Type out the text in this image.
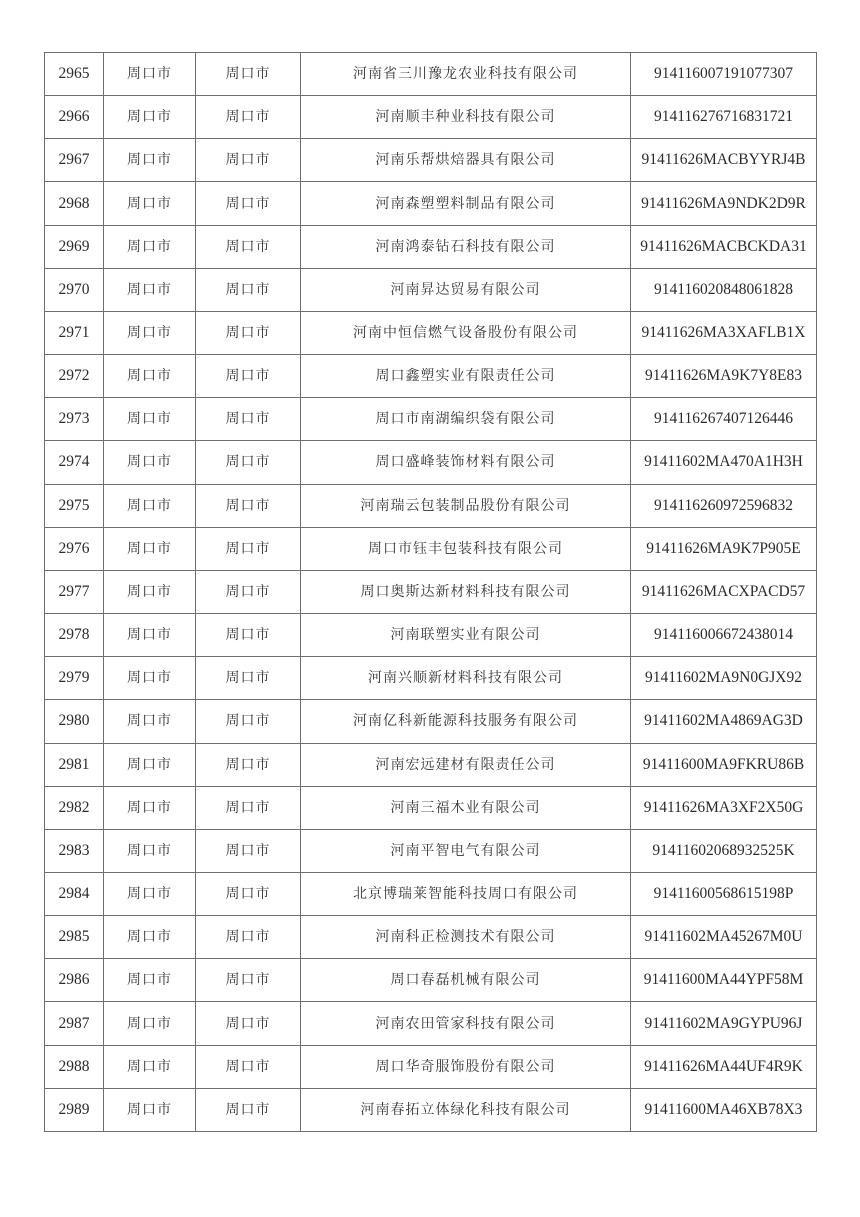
2965	周口市	周口市	河南省三川豫龙农业科技有限公司	914116007191077307
2966	周口市	周口市	河南顺丰种业科技有限公司	914116276716831721
2967	周口市	周口市	河南乐帮烘焙器具有限公司	91411626MACBYYRJ4B
2968	周口市	周口市	河南森塑塑料制品有限公司	91411626MA9NDK2D9R
2969	周口市	周口市	河南鸿泰钻石科技有限公司	91411626MACBCKDA31
2970	周口市	周口市	河南昇达贸易有限公司	914116020848061828
2971	周口市	周口市	河南中恒信燃气设备股份有限公司	91411626MA3XAFLB1X
2972	周口市	周口市	周口鑫塑实业有限责任公司	91411626MA9K7Y8E83
2973	周口市	周口市	周口市南湖编织袋有限公司	914116267407126446
2974	周口市	周口市	周口盛峰装饰材料有限公司	91411602MA470A1H3H
2975	周口市	周口市	河南瑞云包装制品股份有限公司	914116260972596832
2976	周口市	周口市	周口市钰丰包装科技有限公司	91411626MA9K7P905E
2977	周口市	周口市	周口奥斯达新材料科技有限公司	91411626MACXPACD57
2978	周口市	周口市	河南联塑实业有限公司	914116006672438014
2979	周口市	周口市	河南兴顺新材料科技有限公司	91411602MA9N0GJX92
2980	周口市	周口市	河南亿科新能源科技服务有限公司	91411602MA4869AG3D
2981	周口市	周口市	河南宏远建材有限责任公司	91411600MA9FKRU86B
2982	周口市	周口市	河南三福木业有限公司	91411626MA3XF2X50G
2983	周口市	周口市	河南平智电气有限公司	91411602068932525K
2984	周口市	周口市	北京博瑞莱智能科技周口有限公司	91411600568615198P
2985	周口市	周口市	河南科正检测技术有限公司	91411602MA45267M0U
2986	周口市	周口市	周口春磊机械有限公司	91411600MA44YPF58M
2987	周口市	周口市	河南农田管家科技有限公司	91411602MA9GYPU96J
2988	周口市	周口市	周口华奇服饰股份有限公司	91411626MA44UF4R9K
2989	周口市	周口市	河南春拓立体绿化科技有限公司	91411600MA46XB78X3
